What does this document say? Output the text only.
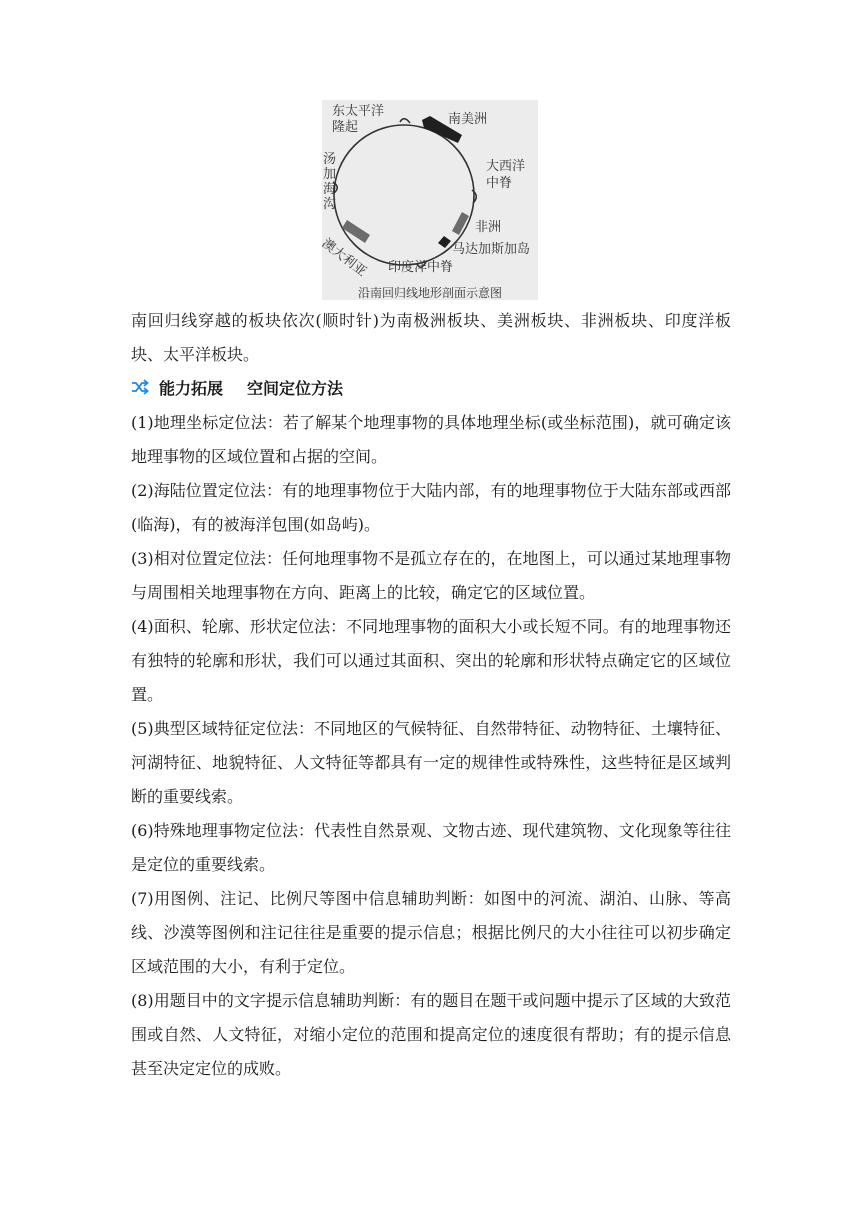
东太平洋隆起
南美洲
大西洋中脊
汤加海沟
非洲
马达加斯加岛
澳大利亚 印度洋中脊
沿南回归线地形剖面示意图

南回归线穿越的板块依次(顺时针)为南极洲板块、美洲板块、非洲板块、印度洋板块、太平洋板块。

能力拓展 空间定位方法

(1)地理坐标定位法：若了解某个地理事物的具体地理坐标(或坐标范围)，就可确定该地理事物的区域位置和占据的空间。

(2)海陆位置定位法：有的地理事物位于大陆内部，有的地理事物位于大陆东部或西部(临海)，有的被海洋包围(如岛屿)。

(3)相对位置定位法：任何地理事物不是孤立存在的，在地图上，可以通过某地理事物与周围相关地理事物在方向、距离上的比较，确定它的区域位置。

(4)面积、轮廓、形状定位法：不同地理事物的面积大小或长短不同。有的地理事物还有独特的轮廓和形状，我们可以通过其面积、突出的轮廓和形状特点确定它的区域位置。

(5)典型区域特征定位法：不同地区的气候特征、自然带特征、动物特征、土壤特征、河湖特征、地貌特征、人文特征等都具有一定的规律性或特殊性，这些特征是区域判断的重要线索。

(6)特殊地理事物定位法：代表性自然景观、文物古迹、现代建筑物、文化现象等往往是定位的重要线索。

(7)用图例、注记、比例尺等图中信息辅助判断：如图中的河流、湖泊、山脉、等高线、沙漠等图例和注记往往是重要的提示信息；根据比例尺的大小往往可以初步确定区域范围的大小，有利于定位。

(8)用题目中的文字提示信息辅助判断：有的题目在题干或问题中提示了区域的大致范围或自然、人文特征，对缩小定位的范围和提高定位的速度很有帮助；有的提示信息甚至决定定位的成败。
